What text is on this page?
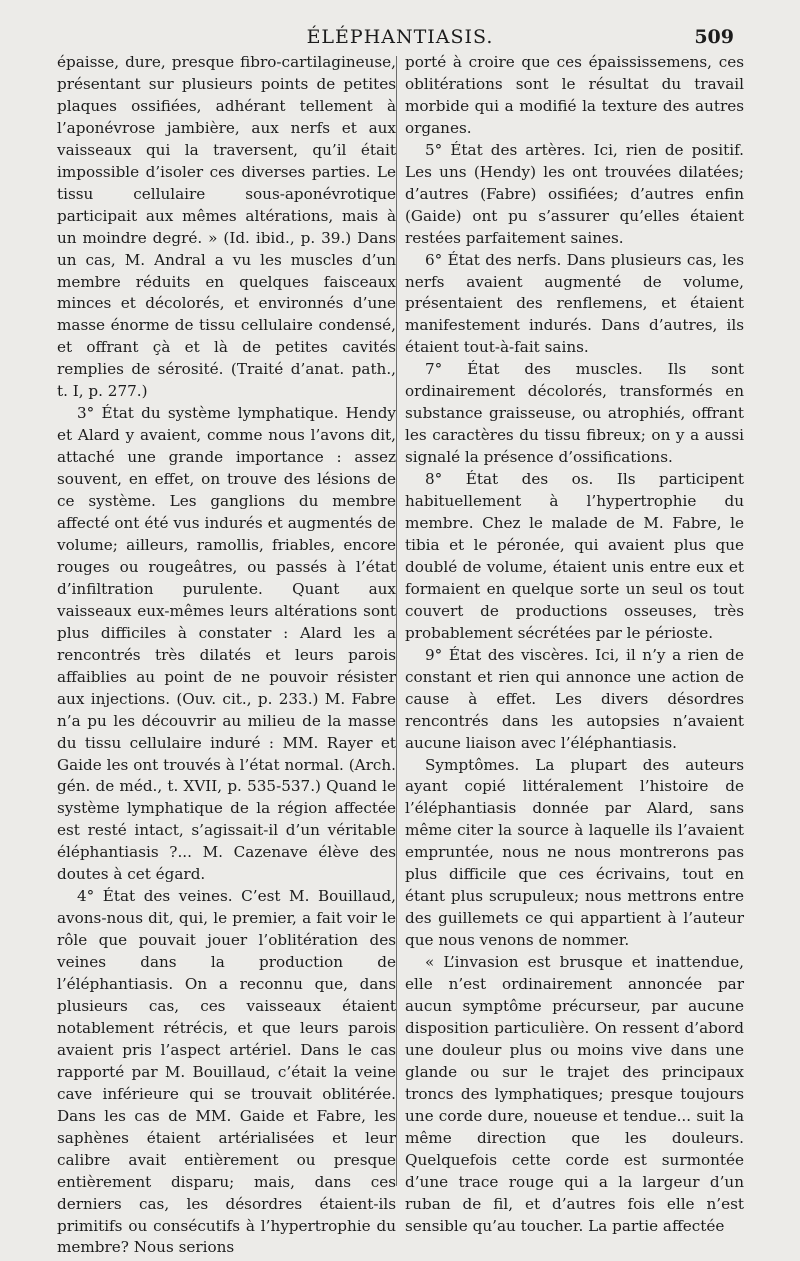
ÉLÉPHANTIASIS.	509

épaisse, dure, presque fibro-cartilagineuse, présentant sur plusieurs points de petites plaques ossifiées, adhérant tellement à l’aponévrose jambière, aux nerfs et aux vaisseaux qui la traversent, qu’il était impossible d’isoler ces diverses parties. Le tissu cellulaire sous-aponévrotique participait aux mêmes altérations, mais à un moindre degré. » (Id. ibid., p. 39.) Dans un cas, M. Andral a vu les muscles d’un membre réduits en quelques faisceaux minces et décolorés, et environnés d’une masse énorme de tissu cellulaire condensé, et offrant çà et là de petites cavités remplies de sérosité. (Traité d’anat. path., t. I, p. 277.)

3° État du système lymphatique. Hendy et Alard y avaient, comme nous l’avons dit, attaché une grande importance : assez souvent, en effet, on trouve des lésions de ce système. Les ganglions du membre affecté ont été vus indurés et augmentés de volume; ailleurs, ramollis, friables, encore rouges ou rougeâtres, ou passés à l’état d’infiltration purulente. Quant aux vaisseaux eux-mêmes leurs altérations sont plus difficiles à constater : Alard les a rencontrés très dilatés et leurs parois affaiblies au point de ne pouvoir résister aux injections. (Ouv. cit., p. 233.) M. Fabre n’a pu les découvrir au milieu de la masse du tissu cellulaire induré : MM. Rayer et Gaide les ont trouvés à l’état normal. (Arch. gén. de méd., t. XVII, p. 535-537.) Quand le système lymphatique de la région affectée est resté intact, s’agissait-il d’un véritable éléphantiasis ?... M. Cazenave élève des doutes à cet égard.

4° État des veines. C’est M. Bouillaud, avons-nous dit, qui, le premier, a fait voir le rôle que pouvait jouer l’oblitération des veines dans la production de l’éléphantiasis. On a reconnu que, dans plusieurs cas, ces vaisseaux étaient notablement rétrécis, et que leurs parois avaient pris l’aspect artériel. Dans le cas rapporté par M. Bouillaud, c’était la veine cave inférieure qui se trouvait oblitérée. Dans les cas de MM. Gaide et Fabre, les saphènes étaient artérialisées et leur calibre avait entièrement ou presque entièrement disparu; mais, dans ces derniers cas, les désordres étaient-ils primitifs ou consécutifs à l’hypertrophie du membre? Nous serions

porté à croire que ces épaississemens, ces oblitérations sont le résultat du travail morbide qui a modifié la texture des autres organes.

5° État des artères. Ici, rien de positif. Les uns (Hendy) les ont trouvées dilatées; d’autres (Fabre) ossifiées; d’autres enfin (Gaide) ont pu s’assurer qu’elles étaient restées parfaitement saines.

6° État des nerfs. Dans plusieurs cas, les nerfs avaient augmenté de volume, présentaient des renflemens, et étaient manifestement indurés. Dans d’autres, ils étaient tout-à-fait sains.

7° État des muscles. Ils sont ordinairement décolorés, transformés en substance graisseuse, ou atrophiés, offrant les caractères du tissu fibreux; on y a aussi signalé la présence d’ossifications.

8° État des os. Ils participent habituellement à l’hypertrophie du membre. Chez le malade de M. Fabre, le tibia et le péronée, qui avaient plus que doublé de volume, étaient unis entre eux et formaient en quelque sorte un seul os tout couvert de productions osseuses, très probablement sécrétées par le périoste.

9° État des viscères. Ici, il n’y a rien de constant et rien qui annonce une action de cause à effet. Les divers désordres rencontrés dans les autopsies n’avaient aucune liaison avec l’éléphantiasis.

Symptômes. La plupart des auteurs ayant copié littéralement l’histoire de l’éléphantiasis donnée par Alard, sans même citer la source à laquelle ils l’avaient empruntée, nous ne nous montrerons pas plus difficile que ces écrivains, tout en étant plus scrupuleux; nous mettrons entre des guillemets ce qui appartient à l’auteur que nous venons de nommer.

« L’invasion est brusque et inattendue, elle n’est ordinairement annoncée par aucun symptôme précurseur, par aucune disposition particulière. On ressent d’abord une douleur plus ou moins vive dans une glande ou sur le trajet des principaux troncs des lymphatiques; presque toujours une corde dure, noueuse et tendue... suit la même direction que les douleurs. Quelquefois cette corde est surmontée d’une trace rouge qui a la largeur d’un ruban de fil, et d’autres fois elle n’est sensible qu’au toucher. La partie affectée
